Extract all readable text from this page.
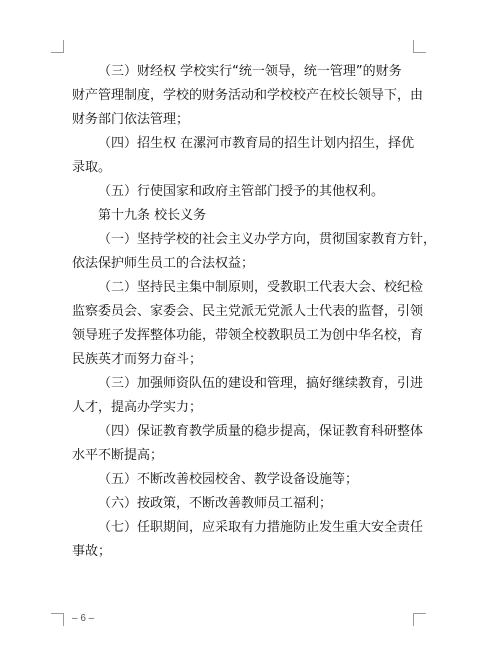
（三）财经权 学校实行“统一领导，统一管理”的财务
财产管理制度，学校的财务活动和学校校产在校长领导下，由
财务部门依法管理；
（四）招生权 在漯河市教育局的招生计划内招生，择优
录取。
（五）行使国家和政府主管部门授予的其他权利。
第十九条 校长义务
（一）坚持学校的社会主义办学方向，贯彻国家教育方针，
依法保护师生员工的合法权益；
（二）坚持民主集中制原则，受教职工代表大会、校纪检
监察委员会、家委会、民主党派无党派人士代表的监督，引领
领导班子发挥整体功能，带领全校教职员工为创中华名校，育
民族英才而努力奋斗；
（三）加强师资队伍的建设和管理，搞好继续教育，引进
人才，提高办学实力；
（四）保证教育教学质量的稳步提高，保证教育科研整体
水平不断提高；
（五）不断改善校园校舍、教学设备设施等；
（六）按政策，不断改善教师员工福利；
（七）任职期间，应采取有力措施防止发生重大安全责任
事故；
– 6 –
